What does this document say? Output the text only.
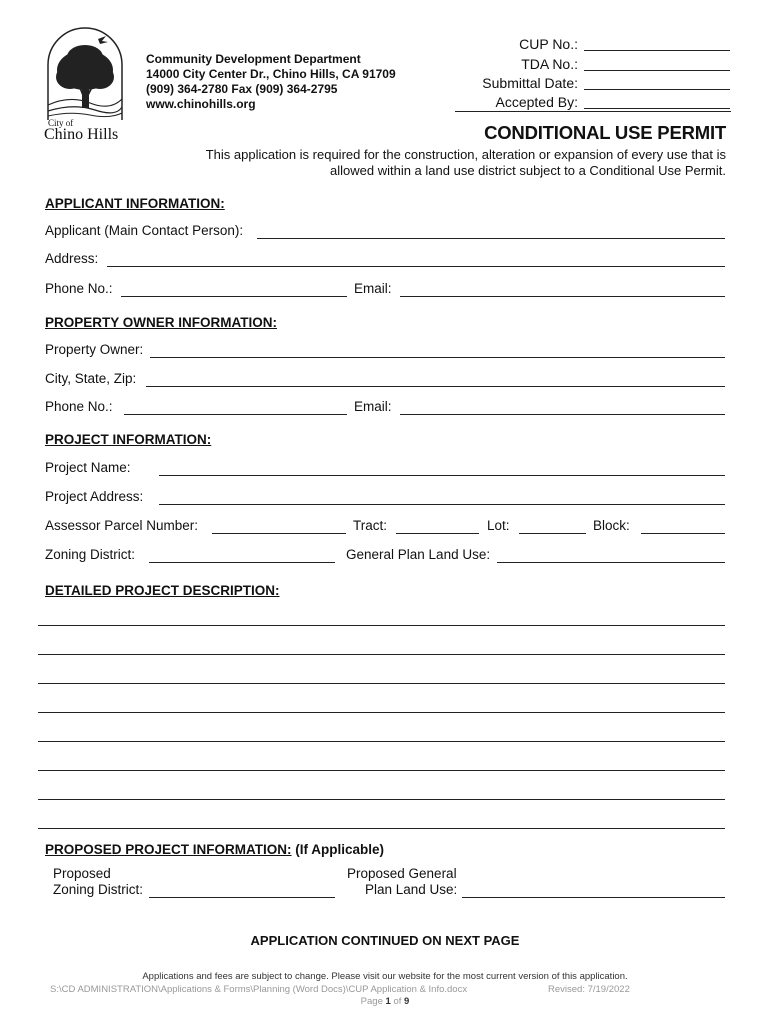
City of
Chino Hills
Community Development Department
14000 City Center Dr., Chino Hills, CA 91709
(909) 364-2780 Fax (909) 364-2795
www.chinohills.org
CUP No.:
TDA No.:
Submittal Date:
Accepted By:
CONDITIONAL USE PERMIT
This application is required for the construction, alteration or expansion of every use that is
allowed within a land use district subject to a Conditional Use Permit.
APPLICANT INFORMATION:
Applicant (Main Contact Person):
Address:
Phone No.:	Email:
PROPERTY OWNER INFORMATION:
Property Owner:
City, State, Zip:
Phone No.:	Email:
PROJECT INFORMATION:
Project Name:
Project Address:
Assessor Parcel Number:	Tract:	Lot:	Block:
Zoning District:	General Plan Land Use:
DETAILED PROJECT DESCRIPTION:
PROPOSED PROJECT INFORMATION: (If Applicable)
Proposed
Zoning District:
Proposed General
Plan Land Use:
APPLICATION CONTINUED ON NEXT PAGE
Applications and fees are subject to change. Please visit our website for the most current version of this application.
S:\CD ADMINISTRATION\Applications & Forms\Planning (Word Docs)\CUP Application & Info.docx	Revised: 7/19/2022
Page 1 of 9
